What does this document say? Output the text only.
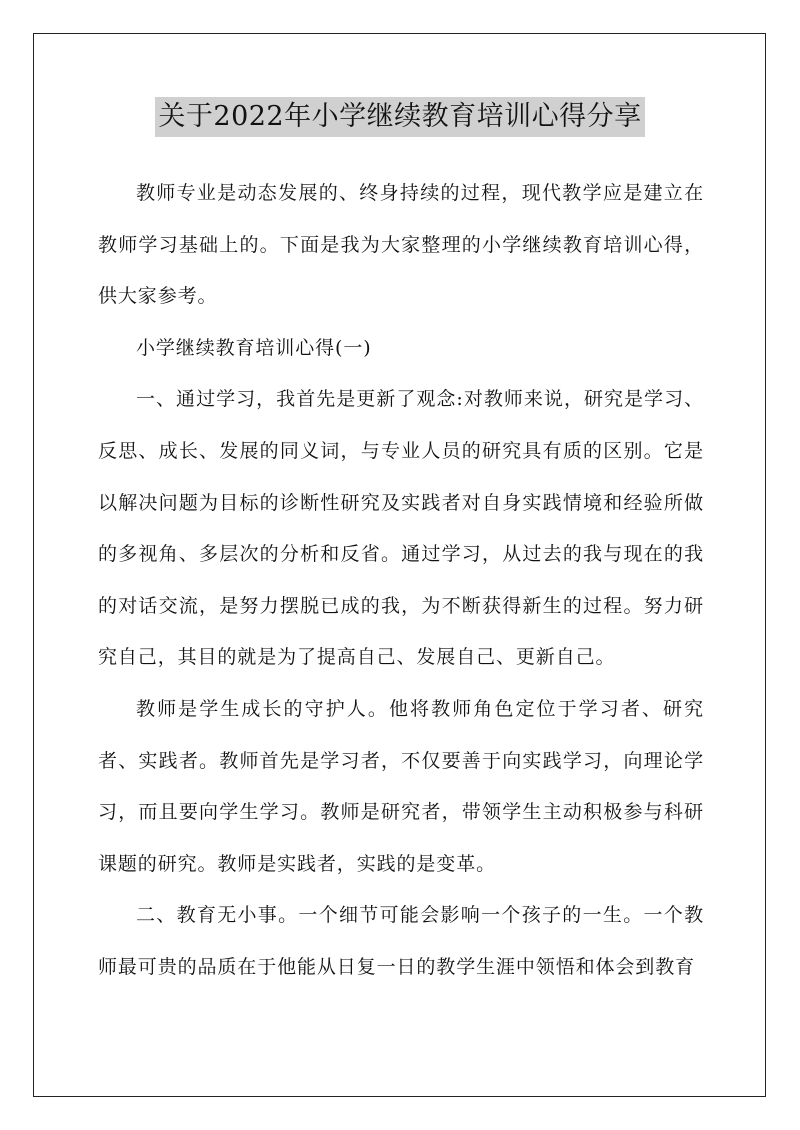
关于2022年小学继续教育培训心得分享

教师专业是动态发展的、终身持续的过程，现代教学应是建立在教师学习基础上的。下面是我为大家整理的小学继续教育培训心得，供大家参考。

小学继续教育培训心得(一)

一、通过学习，我首先是更新了观念:对教师来说，研究是学习、反思、成长、发展的同义词，与专业人员的研究具有质的区别。它是以解决问题为目标的诊断性研究及实践者对自身实践情境和经验所做的多视角、多层次的分析和反省。通过学习，从过去的我与现在的我的对话交流，是努力摆脱已成的我，为不断获得新生的过程。努力研究自己，其目的就是为了提高自己、发展自己、更新自己。

教师是学生成长的守护人。他将教师角色定位于学习者、研究者、实践者。教师首先是学习者，不仅要善于向实践学习，向理论学习，而且要向学生学习。教师是研究者，带领学生主动积极参与科研课题的研究。教师是实践者，实践的是变革。

二、教育无小事。一个细节可能会影响一个孩子的一生。一个教师最可贵的品质在于他能从日复一日的教学生涯中领悟和体会到教育
